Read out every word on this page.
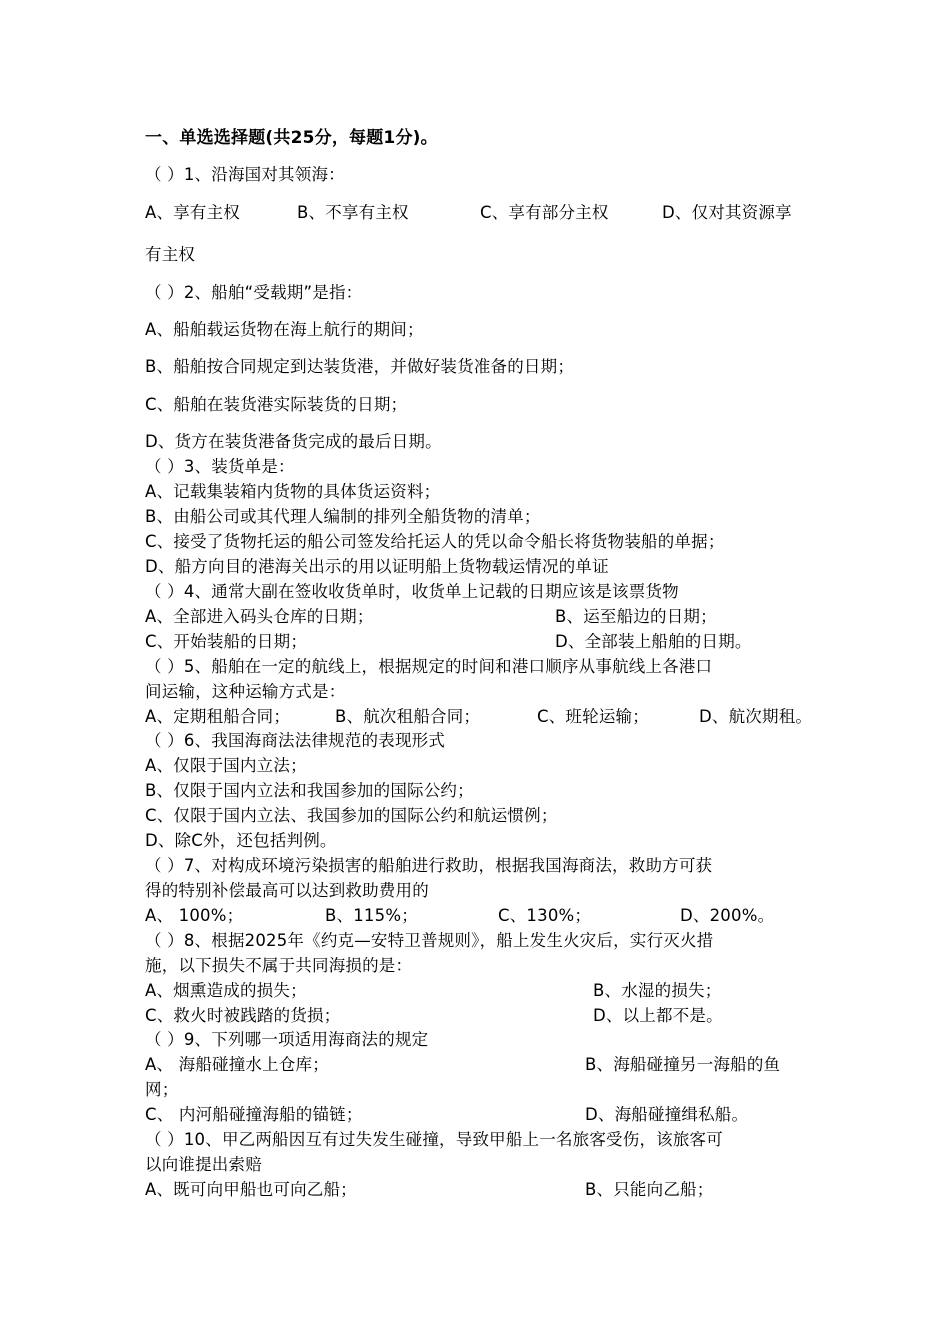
一、单选选择题(共25分，每题1分)。
（ ）1、沿海国对其领海：
A、享有主权	B、不享有主权	C、享有部分主权	D、仅对其资源享
有主权
（ ）2、船舶“受载期”是指：
A、船舶载运货物在海上航行的期间；
B、船舶按合同规定到达装货港，并做好装货准备的日期；
C、船舶在装货港实际装货的日期；
D、货方在装货港备货完成的最后日期。
（ ）3、装货单是：
A、记载集装箱内货物的具体货运资料；
B、由船公司或其代理人编制的排列全船货物的清单；
C、接受了货物托运的船公司签发给托运人的凭以命令船长将货物装船的单据；
D、船方向目的港海关出示的用以证明船上货物载运情况的单证
（ ）4、通常大副在签收收货单时，收货单上记载的日期应该是该票货物
A、全部进入码头仓库的日期；	B、运至船边的日期；
C、开始装船的日期；	D、全部装上船舶的日期。
（ ）5、船舶在一定的航线上，根据规定的时间和港口顺序从事航线上各港口
间运输，这种运输方式是：
A、定期租船合同；	B、航次租船合同；	C、班轮运输；	D、航次期租。
（ ）6、我国海商法法律规范的表现形式
A、仅限于国内立法；
B、仅限于国内立法和我国参加的国际公约；
C、仅限于国内立法、我国参加的国际公约和航运惯例；
D、除C外，还包括判例。
（ ）7、对构成环境污染损害的船舶进行救助，根据我国海商法，救助方可获
得的特别补偿最高可以达到救助费用的
A、 100%；	B、115%；	C、130%；	D、200%。
（ ）8、根据2025年《约克—安特卫普规则》，船上发生火灾后，实行灭火措
施，以下损失不属于共同海损的是：
A、烟熏造成的损失；	B、水湿的损失；
C、救火时被践踏的货损；	D、以上都不是。
（ ）9、下列哪一项适用海商法的规定
A、 海船碰撞水上仓库；	B、海船碰撞另一海船的鱼
网；
C、 内河船碰撞海船的锚链；	D、海船碰撞缉私船。
（ ）10、甲乙两船因互有过失发生碰撞，导致甲船上一名旅客受伤，该旅客可
以向谁提出索赔
A、既可向甲船也可向乙船；	B、只能向乙船；
